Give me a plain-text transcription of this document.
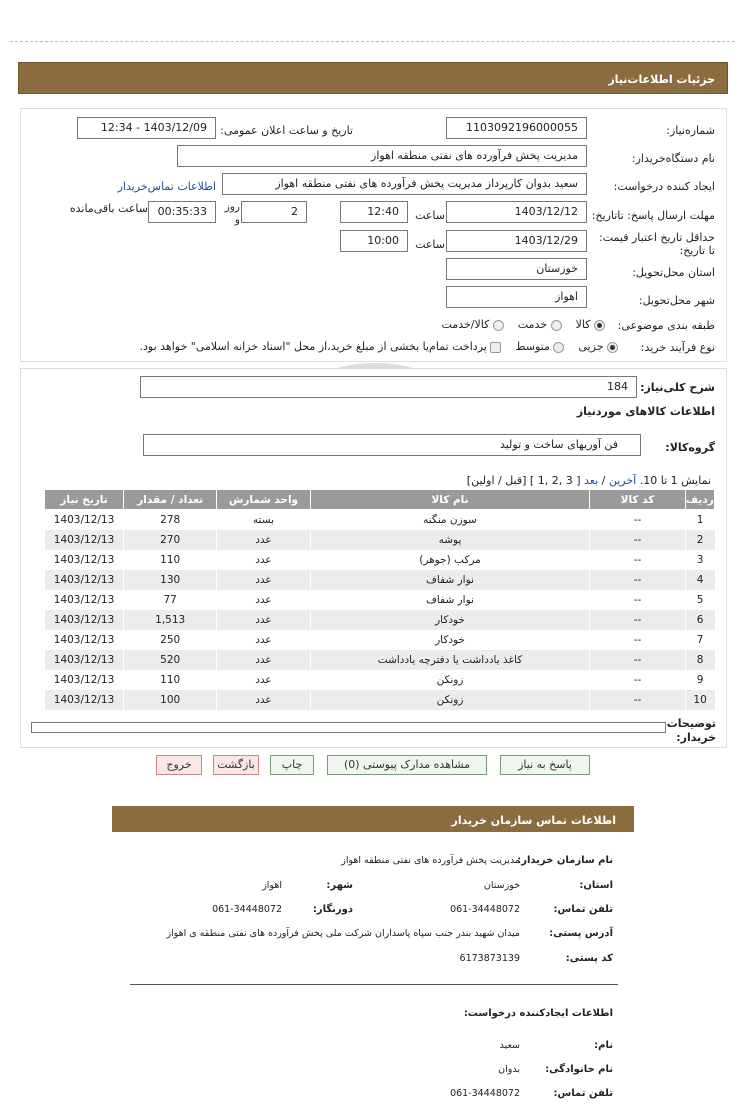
جزئیات اطلاعات‌نیاز
شماره‌نیاز:
1103092196000055
تاریخ و ساعت اعلان عمومی:
1403/12/09 - 12:34
نام دستگاه‌خریدار:
مدیریت پخش فرآورده های نفتی منطقه اهواز
ایجاد کننده درخواست:
سعید بدوان کارپرداز مدیریت پخش فرآورده های نفتی منطقه اهواز
اطلاعات تماس‌خریدار
مهلت ارسال پاسخ: تاتاریخ:
1403/12/12
ساعت
12:40
2
روز و
00:35:33
ساعت باقی‌مانده
حداقل تاریخ اعتبار قیمت: تا تاریخ:
1403/12/29
ساعت
10:00
استان محل‌تحویل:
خوزستان
شهر محل‌تحویل:
اهواز
طبقه بندی موضوعی:
کالا     خدمت     کالا/خدمت
نوع فرآیند خرید:
جزیی     متوسط     پرداخت تمام‌یا بخشی از مبلغ خرید،از محل "اسناد خزانه اسلامی" خواهد بود.
شرح کلی‌نیاز:
184
اطلاعات کالاهای موردنیاز
گروه‌کالا:
فن آوریهای ساخت و تولید
نمایش 1 تا 10. آخرین / بعد [ 3 ,2 ,1 ] [قبل / اولین]
تاریخ نیاز	تعداد / مقدار	واحد شمارش	نام کالا	کد کالا	ردیف
1403/12/13	278	بسته	سوزن منگنه	--	1
1403/12/13	270	عدد	پوشه	--	2
1403/12/13	110	عدد	مرکب (جوهر)	--	3
1403/12/13	130	عدد	نوار شفاف	--	4
1403/12/13	77	عدد	نوار شفاف	--	5
1403/12/13	1,513	عدد	خودکار	--	6
1403/12/13	250	عدد	خودکار	--	7
1403/12/13	520	عدد	کاغذ یادداشت یا دفترچه یادداشت	--	8
1403/12/13	110	عدد	زونکن	--	9
1403/12/13	100	عدد	زونکن	--	10
توضیحات خریدار:
پاسخ به نیاز
مشاهده مدارک پیوستی (0)
چاپ
بازگشت
خروج
اطلاعات تماس سازمان خریدار
نام سازمان خریدار:
مدیریت پخش فرآورده های نفتی منطقه اهواز
استان:
خوزستان
شهر:
اهواز
تلفن تماس:
061-34448072
دورنگار:
061-34448072
آدرس پستی:
میدان شهید بندر جنب سپاه پاسداران شرکت ملی پخش فرآورده های نفتی منطقه ی اهواز
کد پستی:
6173873139
اطلاعات ایجادکننده درخواست:
نام:
سعید
نام خانوادگی:
بدوان
تلفن تماس:
061-34448072
